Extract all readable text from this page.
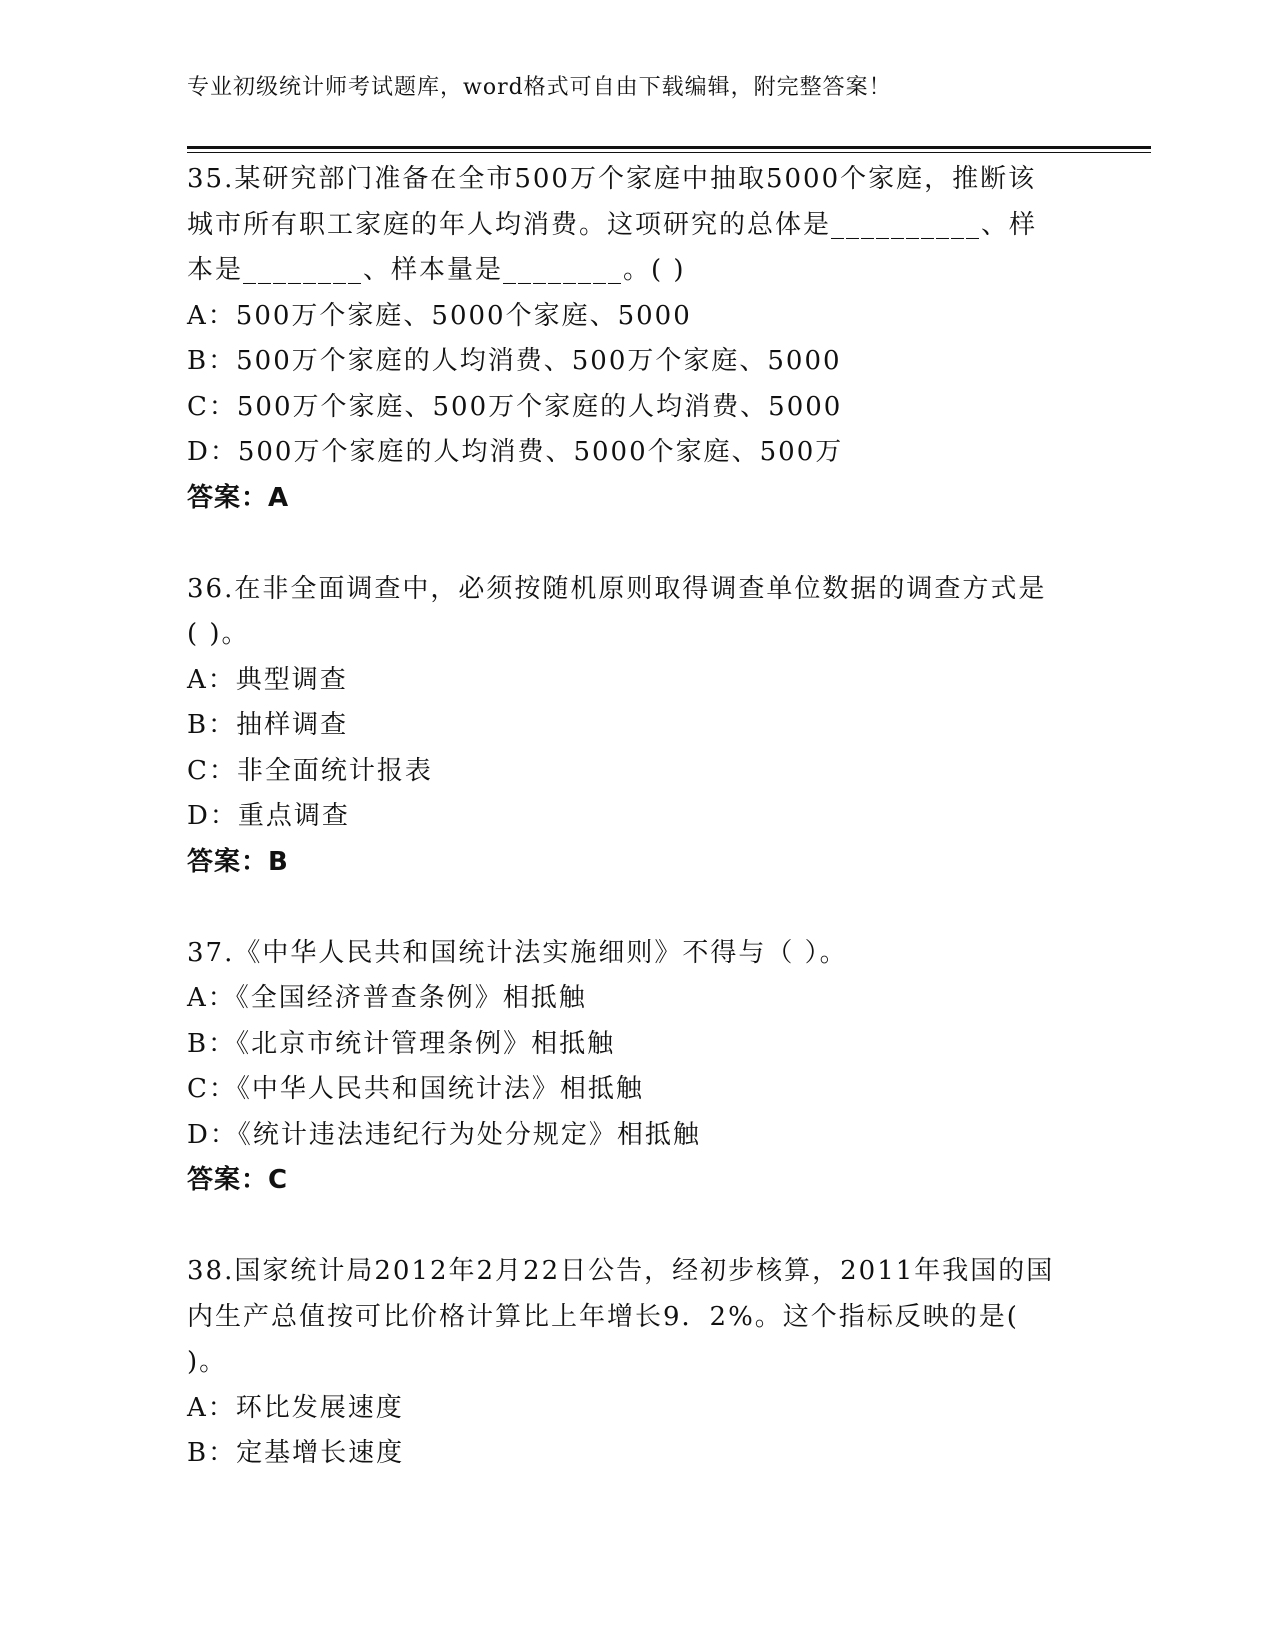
专业初级统计师考试题库，word格式可自由下载编辑，附完整答案！
35.某研究部门准备在全市500万个家庭中抽取5000个家庭，推断该
城市所有职工家庭的年人均消费。这项研究的总体是__________、样
本是________、样本量是________。( )
A：500万个家庭、5000个家庭、5000
B：500万个家庭的人均消费、500万个家庭、5000
C：500万个家庭、500万个家庭的人均消费、5000
D：500万个家庭的人均消费、5000个家庭、500万
答案：A
36.在非全面调查中，必须按随机原则取得调查单位数据的调查方式是
( )。
A：典型调查
B：抽样调查
C：非全面统计报表
D：重点调查
答案：B
37.《中华人民共和国统计法实施细则》不得与（ ）。
A：《全国经济普查条例》相抵触
B：《北京市统计管理条例》相抵触
C：《中华人民共和国统计法》相抵触
D：《统计违法违纪行为处分规定》相抵触
答案：C
38.国家统计局2012年2月22日公告，经初步核算，2011年我国的国
内生产总值按可比价格计算比上年增长9．2%。这个指标反映的是(
)。
A：环比发展速度
B：定基增长速度
